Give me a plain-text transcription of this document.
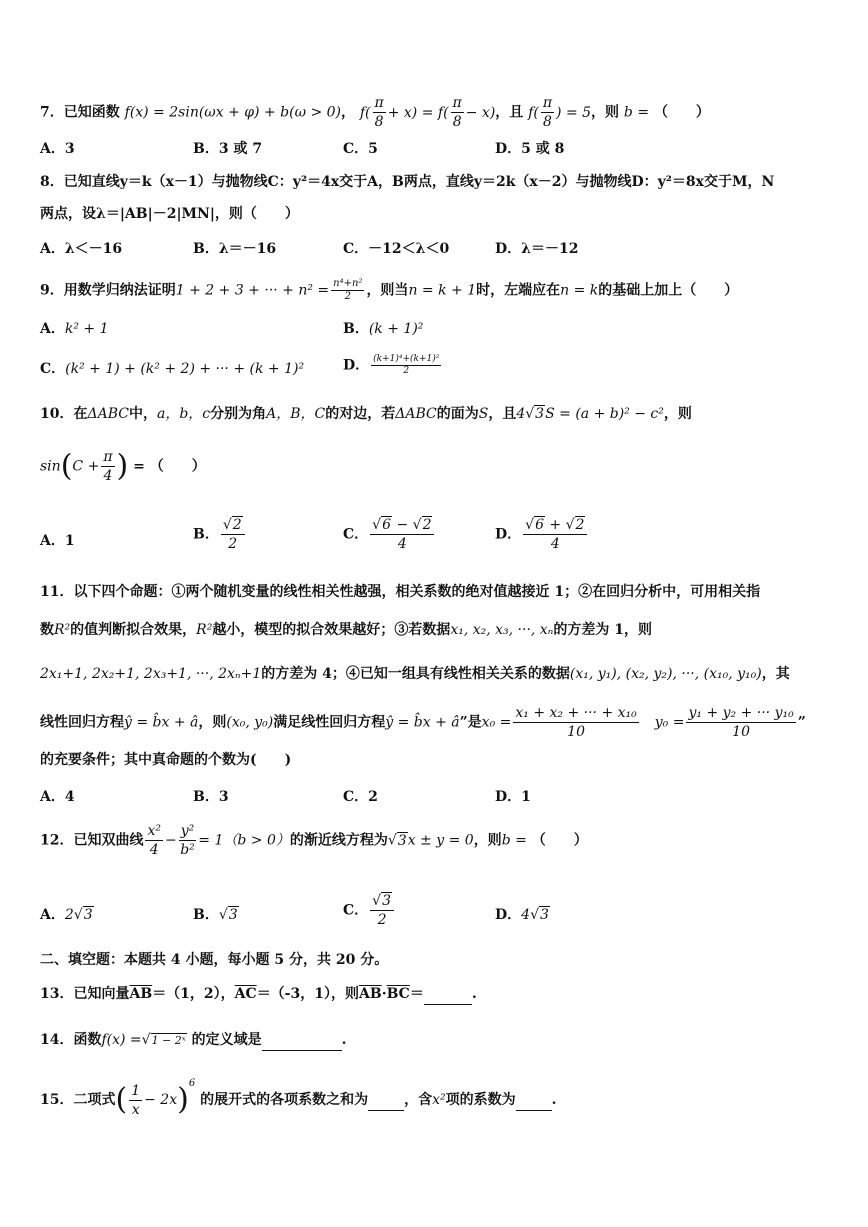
7．已知函数 f(x) = 2sin(ωx + φ) + b(ω > 0)， $f( \frac{\pi}{8} + x) = f( \frac{\pi}{8} - x)$，且 $f( \frac{\pi}{8}$ ) = 5，则 b = （　　）
A．3	B．3 或 7	C．5	D．5 或 8
8．已知直线y＝k（x－1）与抛物线C：y²＝4x交于A，B两点，直线y＝2k（x－2）与抛物线D：y²＝8x交于M，N
两点，设λ＝|AB|－2|MN|，则（　　）
A．λ＜－16	B．λ＝－16	C．－12＜λ＜0	D．λ＝－12
9．用数学归纳法证明1 + 2 + 3 + ··· + $n^2 = \frac{\text{n⁴+n²}}{2}$ ，则当n = k + 1时，左端应在n = k的基础上加上（　　）
A．k² + 1	B．(k + 1)²
C．(k² + 1) + (k² + 2) + ··· + (k + 1)²	D． $\frac{\text{(k+1)⁴+(k+1)²}}{2}$
10．在ΔABC中，a，b，c分别为角A，B，C的对边，若ΔABC的面为S，且4√3S = (a + b)² − c²，则
$\sin(C + \frac{\pi}{4}$ ) = （　　）
A．1	B． $\frac{√2}{2}$	C． $\frac{√6 - √2}{4}$	D． $\frac{√6 + √2}{4}$
11．以下四个命题：①两个随机变量的线性相关性越强，相关系数的绝对值越接近 1；②在回归分析中，可用相关指
数R²的值判断拟合效果，R²越小，模型的拟合效果越好；③若数据x₁, x₂, x₃, ···, xₙ的方差为 1，则
2x₁+1, 2x₂+1, 2x₃+1, ···, 2xₙ+1的方差为 4；④已知一组具有线性相关关系的数据(x₁, y₁), (x₂, y₂), ···, (x₁₀, y₁₀)，其
线性回归方程ŷ = b̂x + â，则(x₀, y₀)满足线性回归方程ŷ = b̂x + â”是$x_0 = \frac{\text{x₁ + x₂ + ··· + x₁₀}}{10}$
　 $y_0 = \frac{\text{y₁ + y₂ + ··· y₁₀}}{10}$ ”
的充要条件；其中真命题的个数为(　　)
A．4	B．3	C．2	D．1
12．已知双曲线 $\frac{\text{x²}}{4} - \frac{\text{y²}}{\text{b²}} = 1(b > 0)$的渐近线方程为√3x ± y = 0，则b = （　　）
A．2√3	B．√3	C． $\frac{√3}{2}$	D．4√3
二、填空题：本题共 4 小题，每小题 5 分，共 20 分。
13．已知向量$\overline{AB}=(1$，2），$\overline{AC}=(-3$，1），则$\overline{AB}\cdot\overline{BC}=$	.
14．函数f(x) =√1 − 2ˣ 的定义域是	.
15．二项式( $\frac{1}{x} - 2x)^6$ 的展开式的各项系数之和为	，含x²项的系数为	.
